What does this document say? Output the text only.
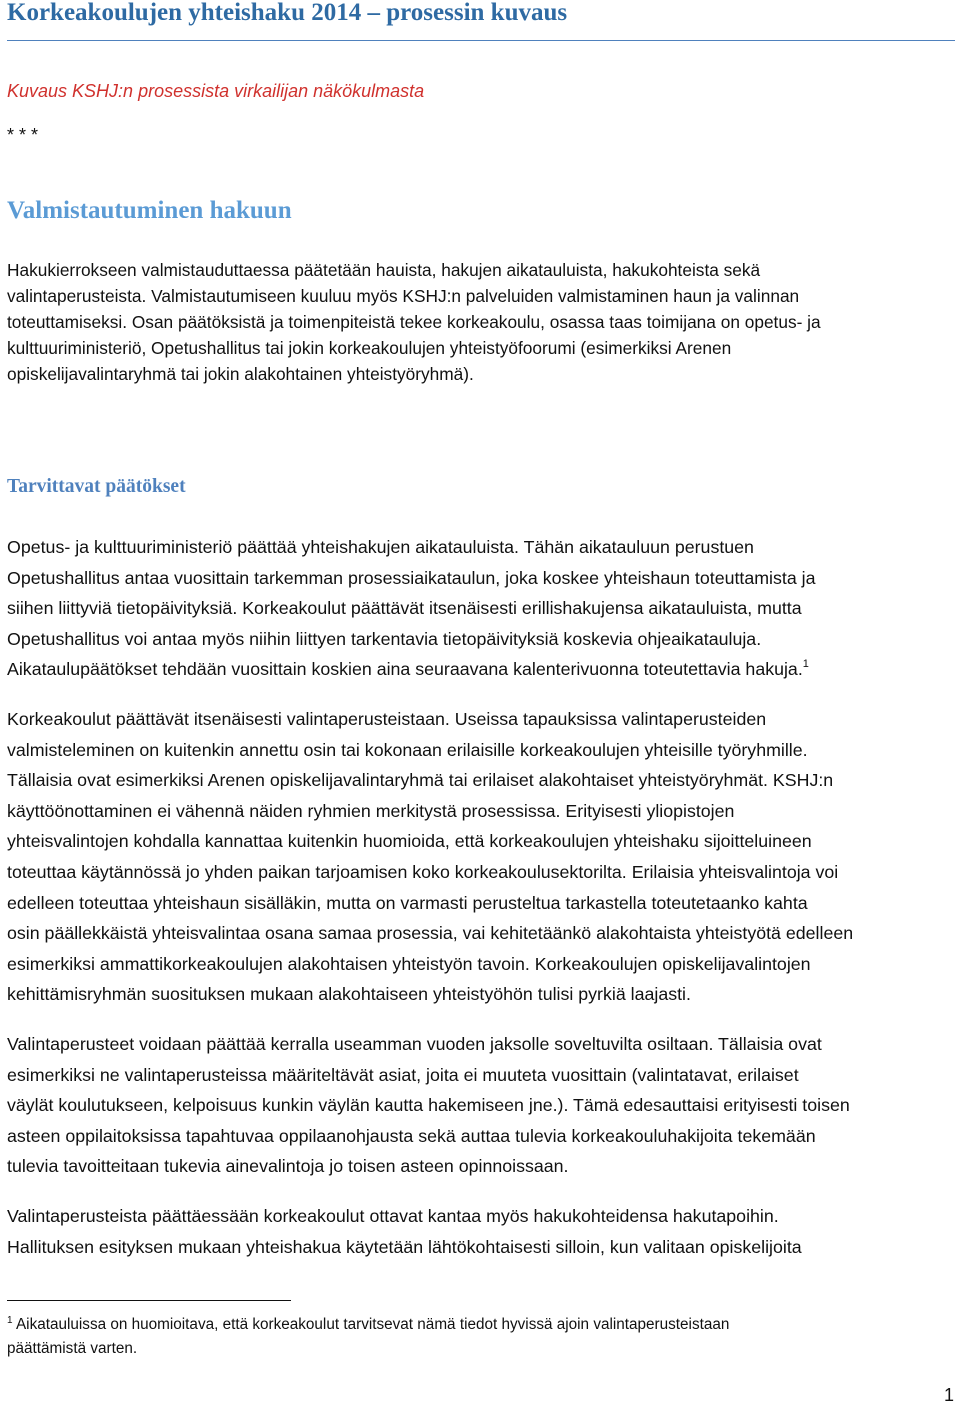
Korkeakoulujen yhteishaku 2014 – prosessin kuvaus
Kuvaus KSHJ:n prosessista virkailijan näkökulmasta
* * *
Valmistautuminen hakuun

Hakukierrokseen valmistauduttaessa päätetään hauista, hakujen aikatauluista, hakukohteista sekä
valintaperusteista. Valmistautumiseen kuuluu myös KSHJ:n palveluiden valmistaminen haun ja valinnan
toteuttamiseksi. Osan päätöksistä ja toimenpiteistä tekee korkeakoulu, osassa taas toimijana on opetus- ja
kulttuuriministeriö, Opetushallitus tai jokin korkeakoulujen yhteistyöfoorumi (esimerkiksi Arenen
opiskelijavalintaryhmä tai jokin alakohtainen yhteistyöryhmä).

Tarvittavat päätökset

Opetus- ja kulttuuriministeriö päättää yhteishakujen aikatauluista. Tähän aikatauluun perustuen
Opetushallitus antaa vuosittain tarkemman prosessiaikataulun, joka koskee yhteishaun toteuttamista ja
siihen liittyviä tietopäivityksiä. Korkeakoulut päättävät itsenäisesti erillishakujensa aikatauluista, mutta
Opetushallitus voi antaa myös niihin liittyen tarkentavia tietopäivityksiä koskevia ohjeaikatauluja.
Aikataulupäätökset tehdään vuosittain koskien aina seuraavana kalenterivuonna toteutettavia hakuja.$^1$

Korkeakoulut päättävät itsenäisesti valintaperusteistaan. Useissa tapauksissa valintaperusteiden
valmisteleminen on kuitenkin annettu osin tai kokonaan erilaisille korkeakoulujen yhteisille työryhmille.
Tällaisia ovat esimerkiksi Arenen opiskelijavalintaryhmä tai erilaiset alakohtaiset yhteistyöryhmät. KSHJ:n
käyttöönottaminen ei vähennä näiden ryhmien merkitystä prosessissa. Erityisesti yliopistojen
yhteisvalintojen kohdalla kannattaa kuitenkin huomioida, että korkeakoulujen yhteishaku sijoitteluineen
toteuttaa käytännössä jo yhden paikan tarjoamisen koko korkeakoulusektorilta. Erilaisia yhteisvalintoja voi
edelleen toteuttaa yhteishaun sisälläkin, mutta on varmasti perusteltua tarkastella toteutetaanko kahta
osin päällekkäistä yhteisvalintaa osana samaa prosessia, vai kehitetäänkö alakohtaista yhteistyötä edelleen
esimerkiksi ammattikorkeakoulujen alakohtaisen yhteistyön tavoin. Korkeakoulujen opiskelijavalintojen
kehittämisryhmän suosituksen mukaan alakohtaiseen yhteistyöhön tulisi pyrkiä laajasti.

Valintaperusteet voidaan päättää kerralla useamman vuoden jaksolle soveltuvilta osiltaan. Tällaisia ovat
esimerkiksi ne valintaperusteissa määriteltävät asiat, joita ei muuteta vuosittain (valintatavat, erilaiset
väylät koulutukseen, kelpoisuus kunkin väylän kautta hakemiseen jne.). Tämä edesauttaisi erityisesti toisen
asteen oppilaitoksissa tapahtuvaa oppilaanohjausta sekä auttaa tulevia korkeakouluhakijoita tekemään
tulevia tavoitteitaan tukevia ainevalintoja jo toisen asteen opinnoissaan.

Valintaperusteista päättäessään korkeakoulut ottavat kantaa myös hakukohteidensa hakutapoihin.
Hallituksen esityksen mukaan yhteishakua käytetään lähtökohtaisesti silloin, kun valitaan opiskelijoita

$^1$ Aikatauluissa on huomioitava, että korkeakoulut tarvitsevat nämä tiedot hyvissä ajoin valintaperusteistaan
päättämistä varten.
1
